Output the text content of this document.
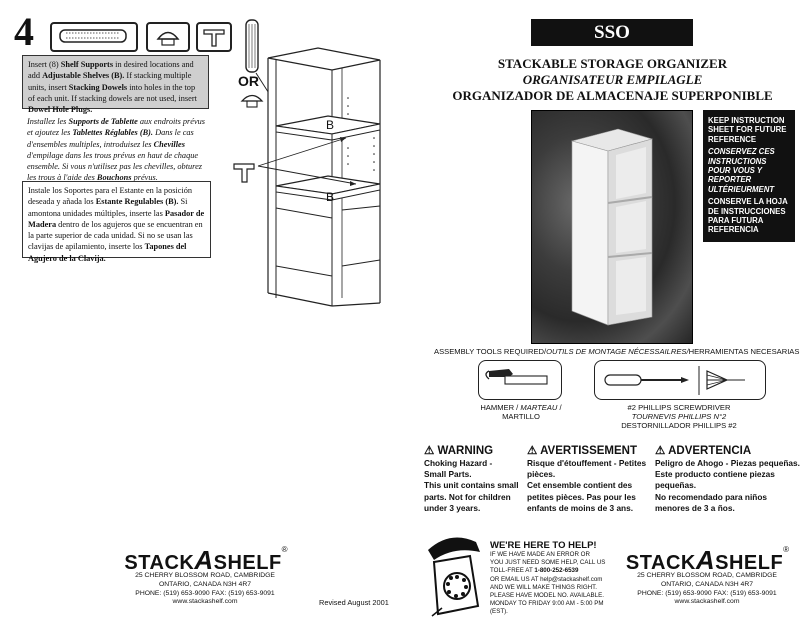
4
OR
Insert (8) Shelf Supports in desired locations and add Adjustable Shelves (B). If stacking multiple units, insert Stacking Dowels into holes in the top of each unit. If stacking dowels are not used, insert Dowel Hole Plugs.
Installez les Supports de Tablette aux endroits prévus et ajoutez les Tablettes Réglables (B). Dans le cas d'ensembles multiples, introduisez les Chevilles d'empilage dans les trous prévus en haut de chaque ensemble. Si vous n'utilisez pas les chevilles, obturez les trous à l'aide des Bouchons prévus.
Instale los Soportes para el Estante en la posición deseada y añada los Estante Regulables (B). Si amontona unidades múltiples, inserte las Pasador de Madera dentro de los agujeros que se encuentran en la parte superior de cada unidad. Si no se usan las clavijas de apilamiento, inserte los Tapones del Agujero de la Clavija.
B
B
STACKASHELF®
25 CHERRY BLOSSOM ROAD, CAMBRIDGE
ONTARIO, CANADA N3H 4R7
PHONE: (519) 653-9090 FAX: (519) 653-9091
www.stackashelf.com	Revised August 2001
SSO
STACKABLE STORAGE ORGANIZER
ORGANISATEUR EMPILAGLE
ORGANIZADOR DE ALMACENAJE SUPERPONIBLE
KEEP INSTRUCTION SHEET FOR FUTURE REFERENCE
CONSERVEZ CES INSTRUCTIONS POUR VOUS Y REPORTER ULTÉRIEURMENT
CONSERVE LA HOJA DE INSTRUCCIONES PARA FUTURA REFERENCIA
ASSEMBLY TOOLS REQUIRED/OUTILS DE MONTAGE NÉCESSAILRES/HERRAMIENTAS NECESARIAS
HAMMER / MARTEAU / MARTILLO
#2 PHILLIPS SCREWDRIVER
TOURNEVIS PHILLIPS N°2
DESTORNILLADOR PHILLIPS #2
⚠ WARNING
Choking Hazard -
Small Parts.
This unit contains small
parts. Not for children
under 3 years.
⚠ AVERTISSEMENT
Risque d'étouffement - Petites
pièces.
Cet ensemble contient des
petites pièces. Pas pour les
enfants de moins de 3 ans.
⚠ ADVERTENCIA
Peligro de Ahogo - Piezas pequeñas.
Este producto contiene piezas
pequeñas.
No recomendado para niños
menores de 3 a ños.
WE'RE HERE TO HELP!
IF WE HAVE MADE AN ERROR OR
YOU JUST NEED SOME HELP, CALL US
TOLL-FREE AT 1-800-252-6539
OR EMAIL US AT help@stackashelf.com
AND WE WILL MAKE THINGS RIGHT.
PLEASE HAVE MODEL NO. AVAILABLE.
MONDAY TO FRIDAY 9:00 AM - 5:00 PM (EST).
STACKASHELF®
25 CHERRY BLOSSOM ROAD, CAMBRIDGE
ONTARIO, CANADA N3H 4R7
PHONE: (519) 653-9090 FAX: (519) 653-9091
www.stackashelf.com
